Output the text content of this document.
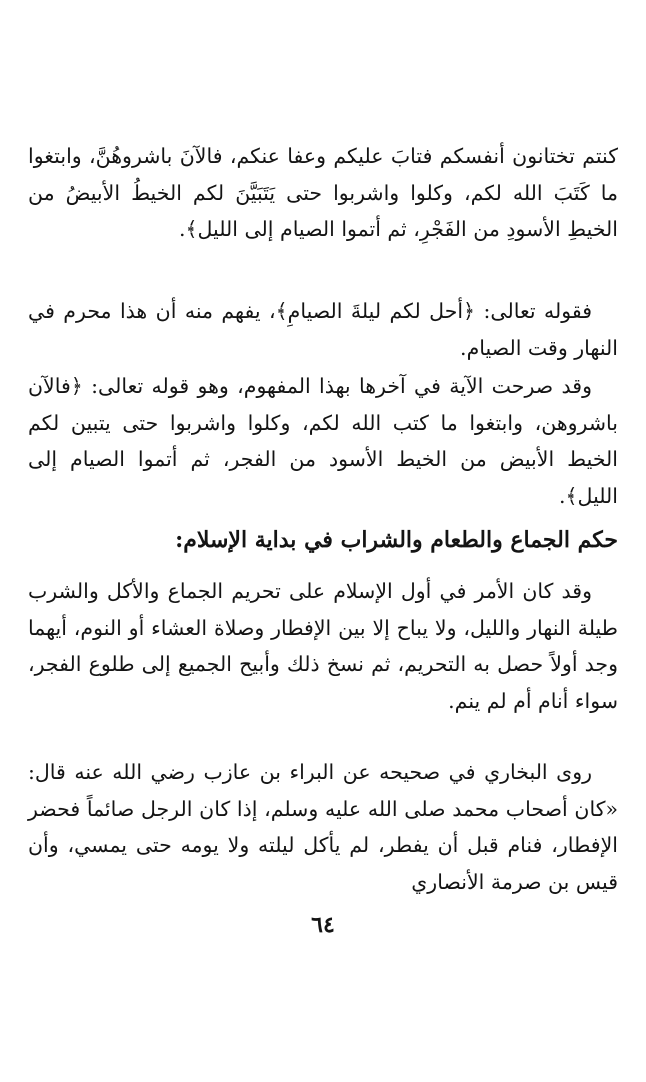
كنتم تختانون أنفسكم فتابَ عليكم وعفا عنكم، فالآنَ باشروهُنَّ، وابتغوا ما كَتَبَ الله لكم، وكلوا واشربوا حتى يَتَبَيَّنَ لكم الخيطُ الأبيضُ من الخيطِ الأسودِ من الفَجْرِ، ثم أتموا الصيام إلى الليل﴾.

فقوله تعالى: ﴿أحل لكم ليلةَ الصيامِ﴾، يفهم منه أن هذا محرم في النهار وقت الصيام.

وقد صرحت الآية في آخرها بهذا المفهوم، وهو قوله تعالى: ﴿فالآن باشروهن، وابتغوا ما كتب الله لكم، وكلوا واشربوا حتى يتبين لكم الخيط الأبيض من الخيط الأسود من الفجر، ثم أتموا الصيام إلى الليل﴾.

حكم الجماع والطعام والشراب في بداية الإسلام:

وقد كان الأمر في أول الإسلام على تحريم الجماع والأكل والشرب طيلة النهار والليل، ولا يباح إلا بين الإفطار وصلاة العشاء أو النوم، أيهما وجد أولاً حصل به التحريم، ثم نسخ ذلك وأبيح الجميع إلى طلوع الفجر، سواء أنام أم لم ينم.

روى البخاري في صحيحه عن البراء بن عازب رضي الله عنه قال: «كان أصحاب محمد صلى الله عليه وسلم، إذا كان الرجل صائماً فحضر الإفطار، فنام قبل أن يفطر، لم يأكل ليلته ولا يومه حتى يمسي، وأن قيس بن صرمة الأنصاري

٦٤
